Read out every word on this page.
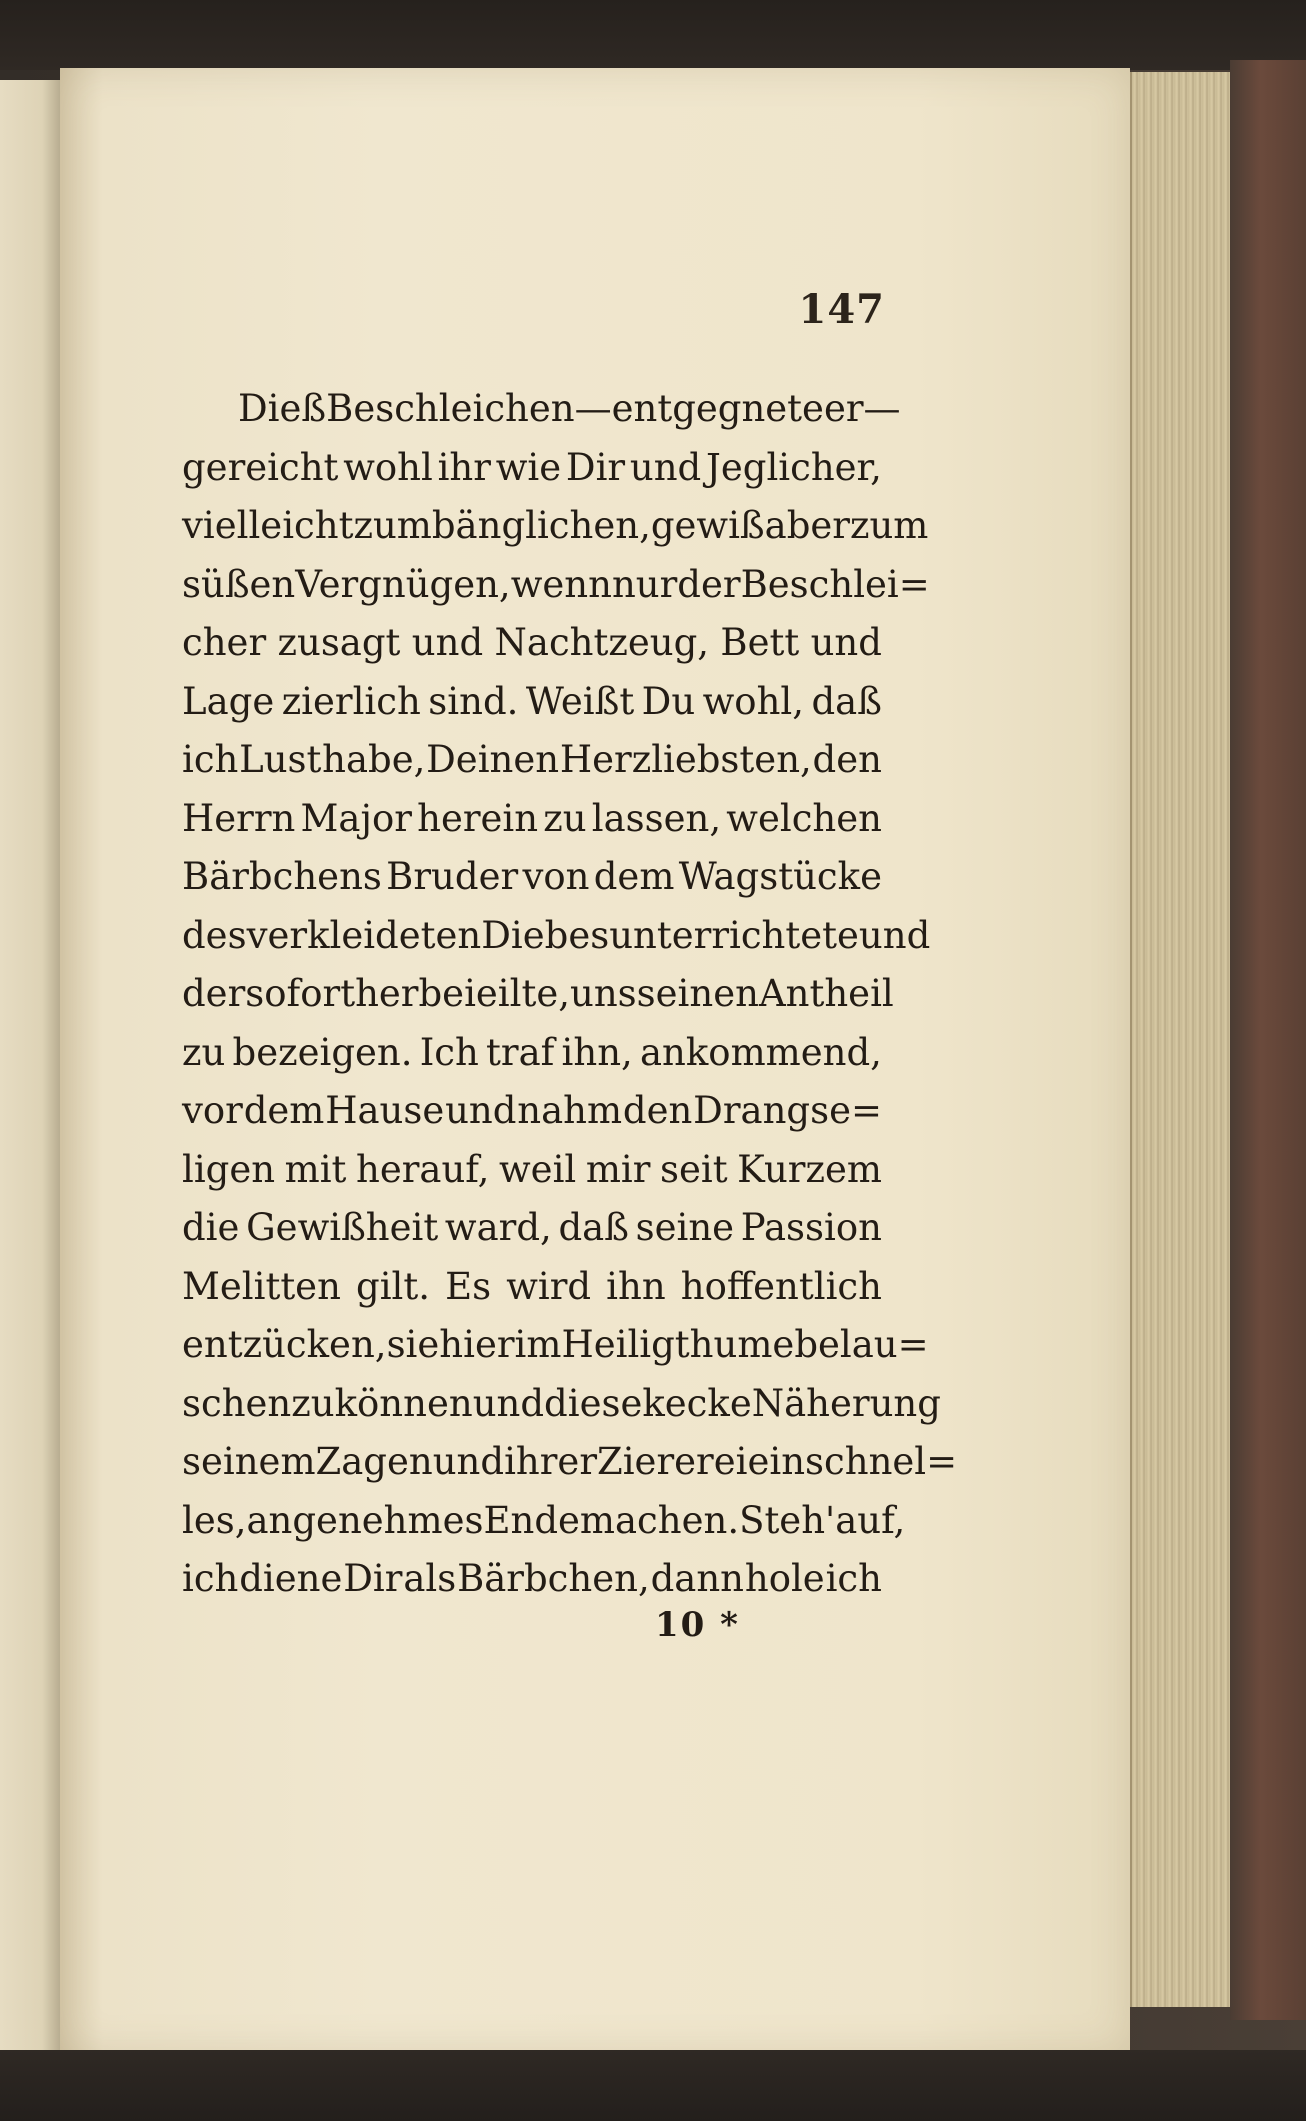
147
Dieß Beschleichen — entgegnete er —
gereicht wohl ihr wie Dir und Jeglicher,
vielleicht zum bänglichen, gewiß aber zum
süßen Vergnügen, wenn nur der Beschlei=
cher zusagt und Nachtzeug, Bett und
Lage zierlich sind. Weißt Du wohl, daß
ich Lust habe, Deinen Herzliebsten, den
Herrn Major herein zu lassen, welchen
Bärbchens Bruder von dem Wagstücke
des verkleideten Diebes unterrichtete und
der sofort herbeieilte, uns seinen Antheil
zu bezeigen. Ich traf ihn, ankommend,
vor dem Hause und nahm den Drangse=
ligen mit herauf, weil mir seit Kurzem
die Gewißheit ward, daß seine Passion
Melitten gilt. Es wird ihn hoffentlich
entzücken, sie hier im Heiligthume belau=
schen zu können und diese kecke Näherung
seinem Zagen und ihrer Ziererei ein schnel=
les, angenehmes Ende machen. Steh' auf,
ich diene Dir als Bärbchen, dann hole ich
10 *
